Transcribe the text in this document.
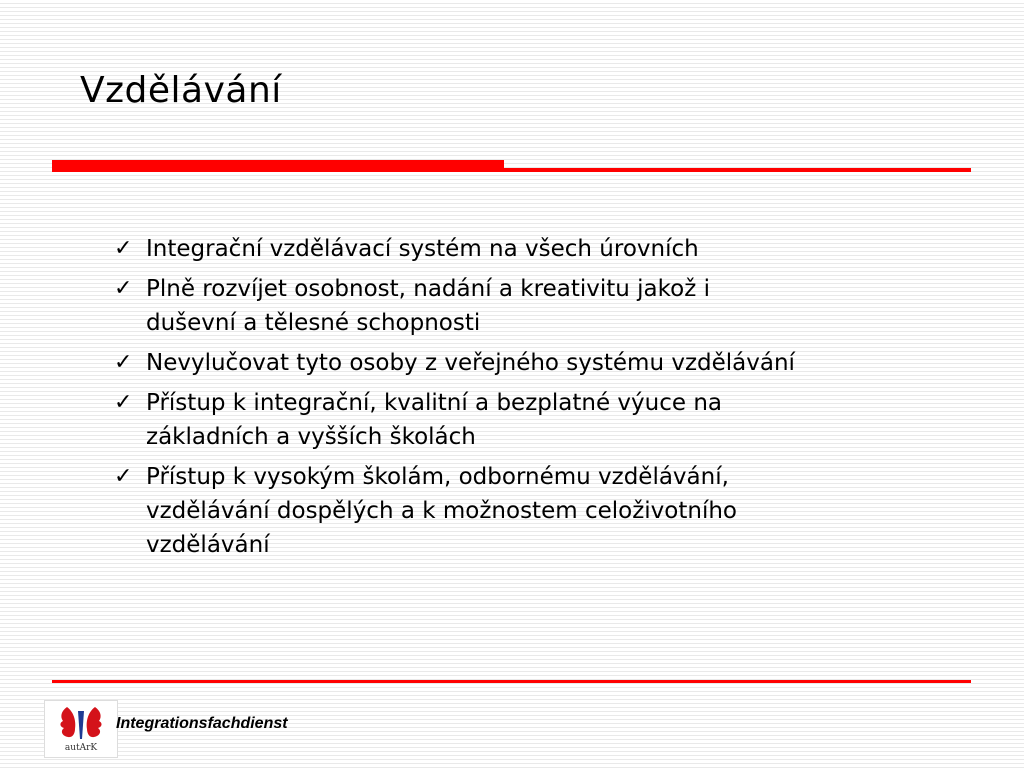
Vzdělávání
✓ Integrační vzdělávací systém na všech úrovních
✓ Plně rozvíjet osobnost, nadání a kreativitu jakož i
duševní a tělesné schopnosti
✓ Nevylučovat tyto osoby z veřejného systému vzdělávání
✓ Přístup k integrační, kvalitní a bezplatné výuce na
základních a vyšších školách
✓ Přístup k vysokým školám, odbornému vzdělávání,
vzdělávání dospělých a k možnostem celoživotního
vzdělávání
autArK
Integrationsfachdienst
